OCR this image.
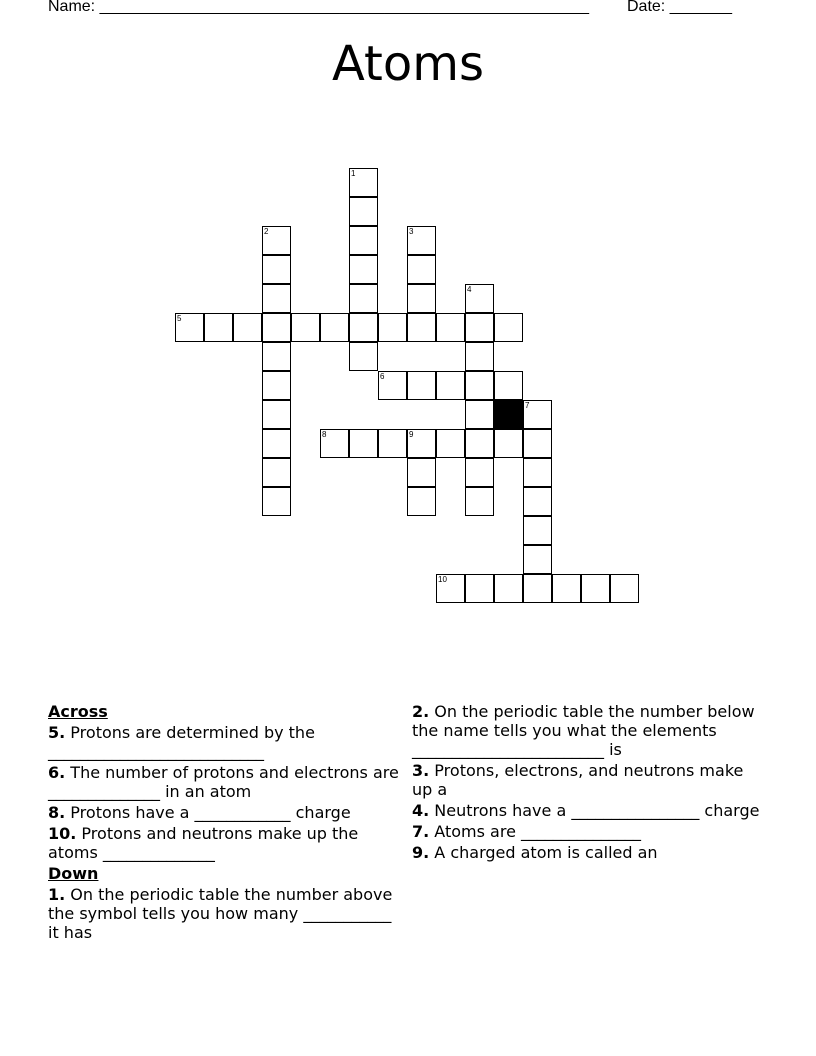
Name: _______________________________________________________

Date: _______

Atoms
1
2	3
4
5
6
7
8	9
10
Across
5. Protons are determined by the ___________________________
6. The number of protons and electrons are ______________ in an atom
8. Protons have a ____________ charge
10. Protons and neutrons make up the atoms ______________
Down
1. On the periodic table the number above the symbol tells you how many ___________ it has
2. On the periodic table the number below the name tells you what the elements ________________________ is
3. Protons, electrons, and neutrons make up a
4. Neutrons have a ________________ charge
7. Atoms are _______________
9. A charged atom is called an
